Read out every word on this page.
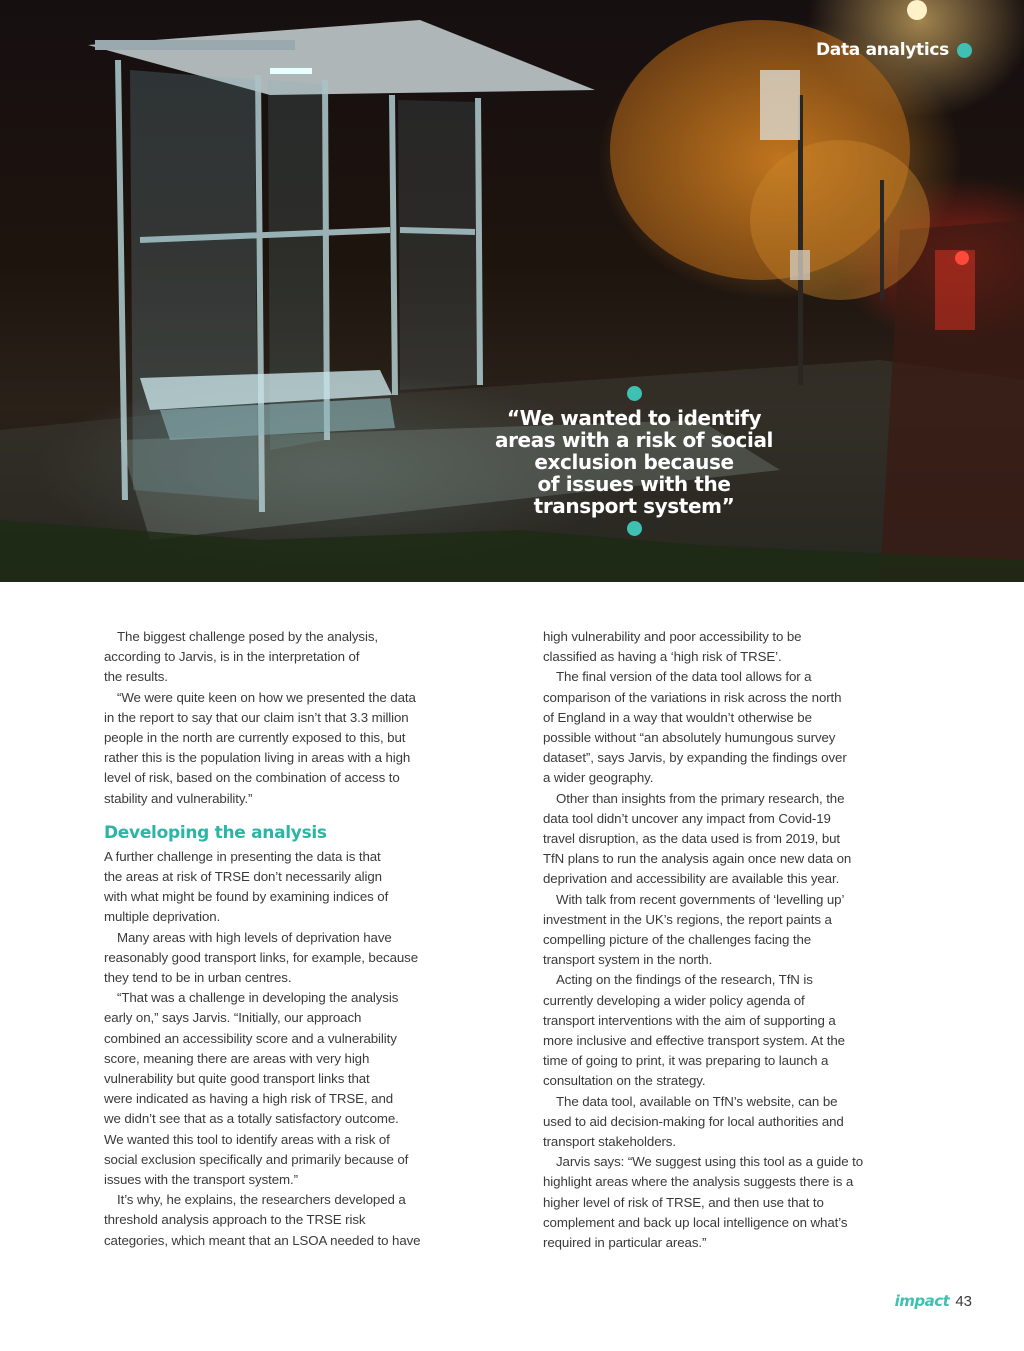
Data analytics
“We wanted to identify
areas with a risk of social
exclusion because
of issues with the
transport system”
The biggest challenge posed by the analysis,
according to Jarvis, is in the interpretation of
the results.
“We were quite keen on how we presented the data
in the report to say that our claim isn’t that 3.3 million
people in the north are currently exposed to this, but
rather this is the population living in areas with a high
level of risk, based on the combination of access to
stability and vulnerability.”
Developing the analysis
A further challenge in presenting the data is that
the areas at risk of TRSE don’t necessarily align
with what might be found by examining indices of
multiple deprivation.
Many areas with high levels of deprivation have
reasonably good transport links, for example, because
they tend to be in urban centres.
“That was a challenge in developing the analysis
early on,” says Jarvis. “Initially, our approach
combined an accessibility score and a vulnerability
score, meaning there are areas with very high
vulnerability but quite good transport links that
were indicated as having a high risk of TRSE, and
we didn’t see that as a totally satisfactory outcome.
We wanted this tool to identify areas with a risk of
social exclusion specifically and primarily because of
issues with the transport system.”
It’s why, he explains, the researchers developed a
threshold analysis approach to the TRSE risk
categories, which meant that an LSOA needed to have
high vulnerability and poor accessibility to be
classified as having a ‘high risk of TRSE’.
The final version of the data tool allows for a
comparison of the variations in risk across the north
of England in a way that wouldn’t otherwise be
possible without “an absolutely humungous survey
dataset”, says Jarvis, by expanding the findings over
a wider geography.
Other than insights from the primary research, the
data tool didn’t uncover any impact from Covid-19
travel disruption, as the data used is from 2019, but
TfN plans to run the analysis again once new data on
deprivation and accessibility are available this year.
With talk from recent governments of ‘levelling up’
investment in the UK’s regions, the report paints a
compelling picture of the challenges facing the
transport system in the north.
Acting on the findings of the research, TfN is
currently developing a wider policy agenda of
transport interventions with the aim of supporting a
more inclusive and effective transport system. At the
time of going to print, it was preparing to launch a
consultation on the strategy.
The data tool, available on TfN’s website, can be
used to aid decision-making for local authorities and
transport stakeholders.
Jarvis says: “We suggest using this tool as a guide to
highlight areas where the analysis suggests there is a
higher level of risk of TRSE, and then use that to
complement and back up local intelligence on what’s
required in particular areas.”
impact 43
